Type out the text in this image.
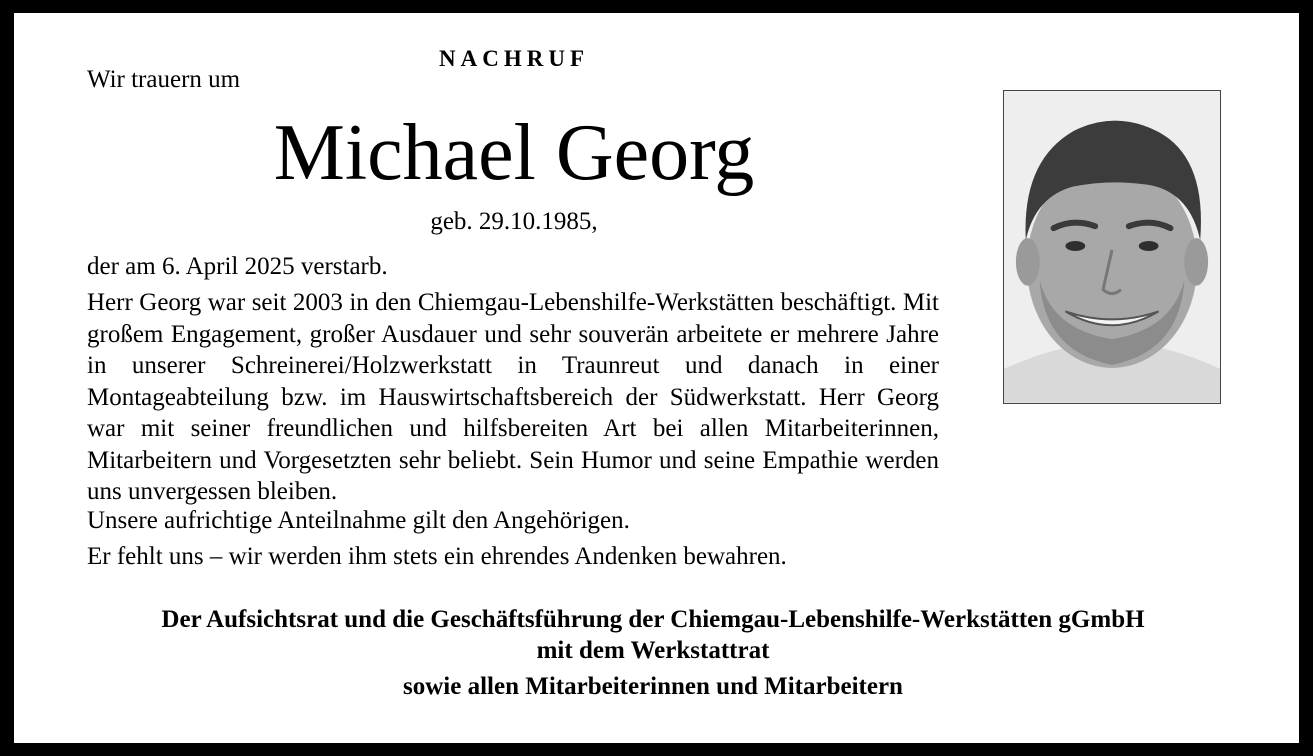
NACHRUF
Wir trauern um
Michael Georg
geb. 29.10.1985,
der am 6. April 2025 verstarb.
Herr Georg war seit 2003 in den Chiemgau-Lebenshilfe-Werkstätten beschäftigt. Mit großem Engagement, großer Ausdauer und sehr souverän arbeitete er mehrere Jahre in unserer Schreinerei/Holzwerkstatt in Traunreut und danach in einer Montageabteilung bzw. im Hauswirtschaftsbereich der Südwerkstatt. Herr Georg war mit seiner freundlichen und hilfsbereiten Art bei allen Mitarbeiterinnen, Mitarbeitern und Vorgesetzten sehr beliebt. Sein Humor und seine Empathie werden uns unvergessen bleiben.
Unsere aufrichtige Anteilnahme gilt den Angehörigen.
Er fehlt uns – wir werden ihm stets ein ehrendes Andenken bewahren.
Der Aufsichtsrat und die Geschäftsführung der Chiemgau-Lebenshilfe-Werkstätten gGmbH
mit dem Werkstattrat
sowie allen Mitarbeiterinnen und Mitarbeitern
